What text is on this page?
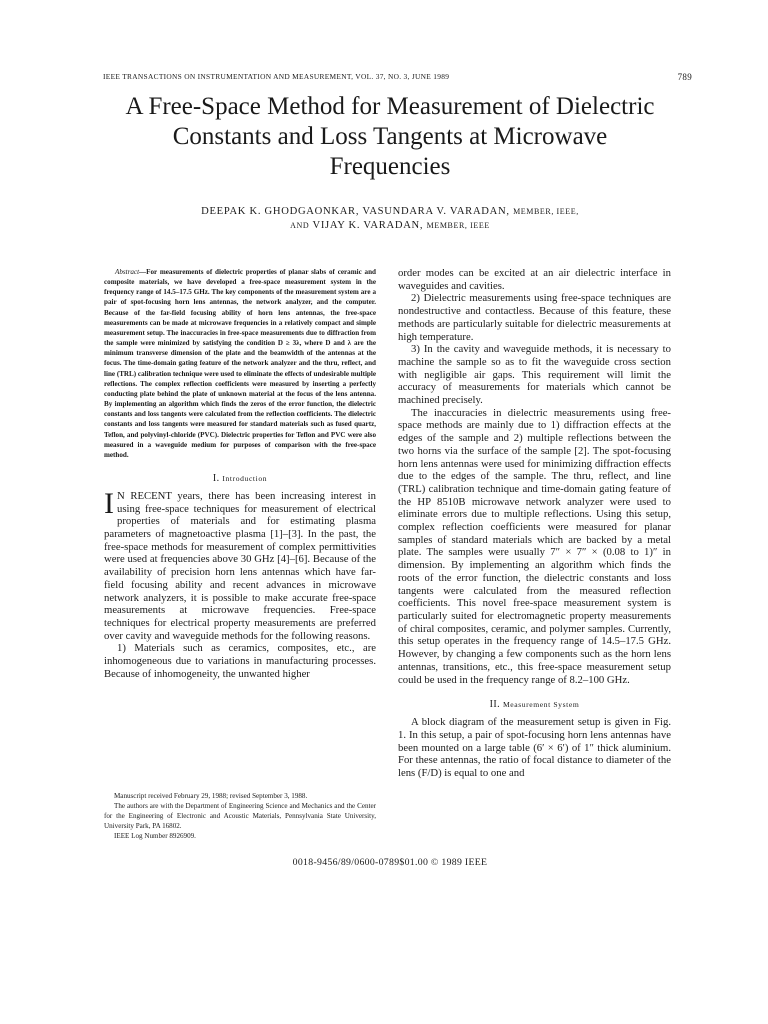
IEEE TRANSACTIONS ON INSTRUMENTATION AND MEASUREMENT, VOL. 37, NO. 3, JUNE 1989	789
A Free-Space Method for Measurement of Dielectric
Constants and Loss Tangents at Microwave
Frequencies
DEEPAK K. GHODGAONKAR, VASUNDARA V. VARADAN, MEMBER, IEEE,
AND VIJAY K. VARADAN, MEMBER, IEEE

Abstract—For measurements of dielectric properties of planar slabs of ceramic and composite materials, we have developed a free-space measurement system in the frequency range of 14.5–17.5 GHz. The key components of the measurement system are a pair of spot-focusing horn lens antennas, the network analyzer, and the computer. Because of the far-field focusing ability of horn lens antennas, the free-space measurements can be made at microwave frequencies in a relatively compact and simple measurement setup. The inaccuracies in free-space measurements due to diffraction from the sample were minimized by satisfying the condition D ≥ 3λ, where D and λ are the minimum transverse dimension of the plate and the beamwidth of the antennas at the focus. The time-domain gating feature of the network analyzer and the thru, reflect, and line (TRL) calibration technique were used to eliminate the effects of undesirable multiple reflections. The complex reflection coefficients were measured by inserting a perfectly conducting plate behind the plate of unknown material at the focus of the lens antenna. By implementing an algorithm which finds the zeros of the error function, the dielectric constants and loss tangents were calculated from the reflection coefficients. The dielectric constants and loss tangents were measured for standard materials such as fused quartz, Teflon, and polyvinyl-chloride (PVC). Dielectric properties for Teflon and PVC were also measured in a waveguide medium for purposes of comparison with the free-space method.

I. Introduction

I N RECENT years, there has been increasing interest in using free-space techniques for measurement of electrical properties of materials and for estimating plasma parameters of magnetoactive plasma [1]–[3]. In the past, the free-space methods for measurement of complex permittivities were used at frequencies above 30 GHz [4]–[6]. Because of the availability of precision horn lens antennas which have far-field focusing ability and recent advances in microwave network analyzers, it is possible to make accurate free-space measurements at microwave frequencies. Free-space techniques for electrical property measurements are preferred over cavity and waveguide methods for the following reasons.

1) Materials such as ceramics, composites, etc., are inhomogeneous due to variations in manufacturing processes. Because of inhomogeneity, the unwanted higher

order modes can be excited at an air dielectric interface in waveguides and cavities.

2) Dielectric measurements using free-space techniques are nondestructive and contactless. Because of this feature, these methods are particularly suitable for dielectric measurements at high temperature.

3) In the cavity and waveguide methods, it is necessary to machine the sample so as to fit the waveguide cross section with negligible air gaps. This requirement will limit the accuracy of measurements for materials which cannot be machined precisely.

The inaccuracies in dielectric measurements using free-space methods are mainly due to 1) diffraction effects at the edges of the sample and 2) multiple reflections between the two horns via the surface of the sample [2]. The spot-focusing horn lens antennas were used for minimizing diffraction effects due to the edges of the sample. The thru, reflect, and line (TRL) calibration technique and time-domain gating feature of the HP 8510B microwave network analyzer were used to eliminate errors due to multiple reflections. Using this setup, complex reflection coefficients were measured for planar samples of standard materials which are backed by a metal plate. The samples were usually 7″ × 7″ × (0.08 to 1)″ in dimension. By implementing an algorithm which finds the roots of the error function, the dielectric constants and loss tangents were calculated from the measured reflection coefficients. This novel free-space measurement system is particularly suited for electromagnetic property measurements of chiral composites, ceramic, and polymer samples. Currently, this setup operates in the frequency range of 14.5–17.5 GHz. However, by changing a few components such as the horn lens antennas, transitions, etc., this free-space measurement setup could be used in the frequency range of 8.2–100 GHz.

II. Measurement System

A block diagram of the measurement setup is given in Fig. 1. In this setup, a pair of spot-focusing horn lens antennas have been mounted on a large table (6′ × 6′) of 1″ thick aluminium. For these antennas, the ratio of focal distance to diameter of the lens (F/D) is equal to one and

Manuscript received February 29, 1988; revised September 3, 1988.

The authors are with the Department of Engineering Science and Mechanics and the Center for the Engineering of Electronic and Acoustic Materials, Pennsylvania State University, University Park, PA 16802.

IEEE Log Number 8926909.

0018-9456/89/0600-0789$01.00 © 1989 IEEE
